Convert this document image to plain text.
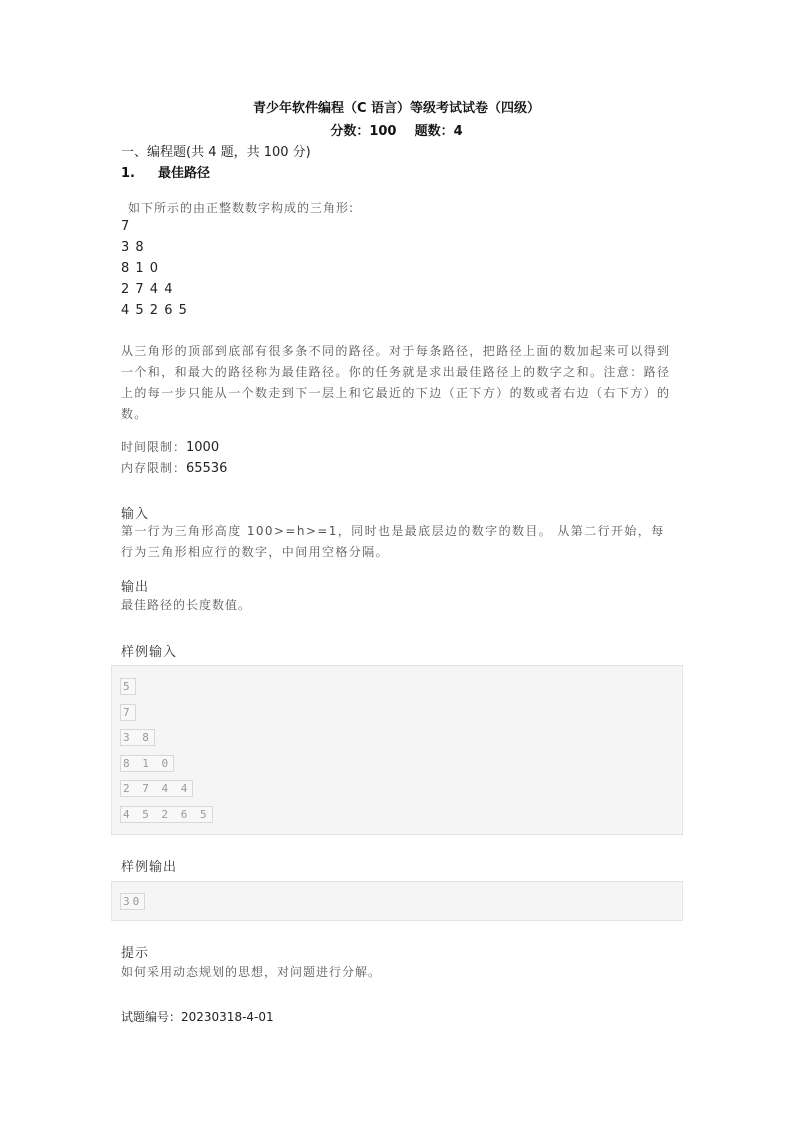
青少年软件编程（C 语言）等级考试试卷（四级）
分数：100    题数：4
一、编程题(共 4 题，共 100 分)
1. 最佳路径
如下所示的由正整数数字构成的三角形:
7
3 8
8 1 0
2 7 4 4
4 5 2 6 5
从三角形的顶部到底部有很多条不同的路径。对于每条路径，把路径上面的数加起来可以得到一个和，和最大的路径称为最佳路径。你的任务就是求出最佳路径上的数字之和。注意：路径上的每一步只能从一个数走到下一层上和它最近的下边（正下方）的数或者右边（右下方）的数。
时间限制：1000
内存限制：65536
输入
第一行为三角形高度 100>=h>=1，同时也是最底层边的数字的数目。 从第二行开始，每行为三角形相应行的数字，中间用空格分隔。
输出
最佳路径的长度数值。
样例输入
5
7
3 8
8 1 0
2 7 4 4
4 5 2 6 5
样例输出
30
提示
如何采用动态规划的思想，对问题进行分解。
试题编号：20230318-4-01
